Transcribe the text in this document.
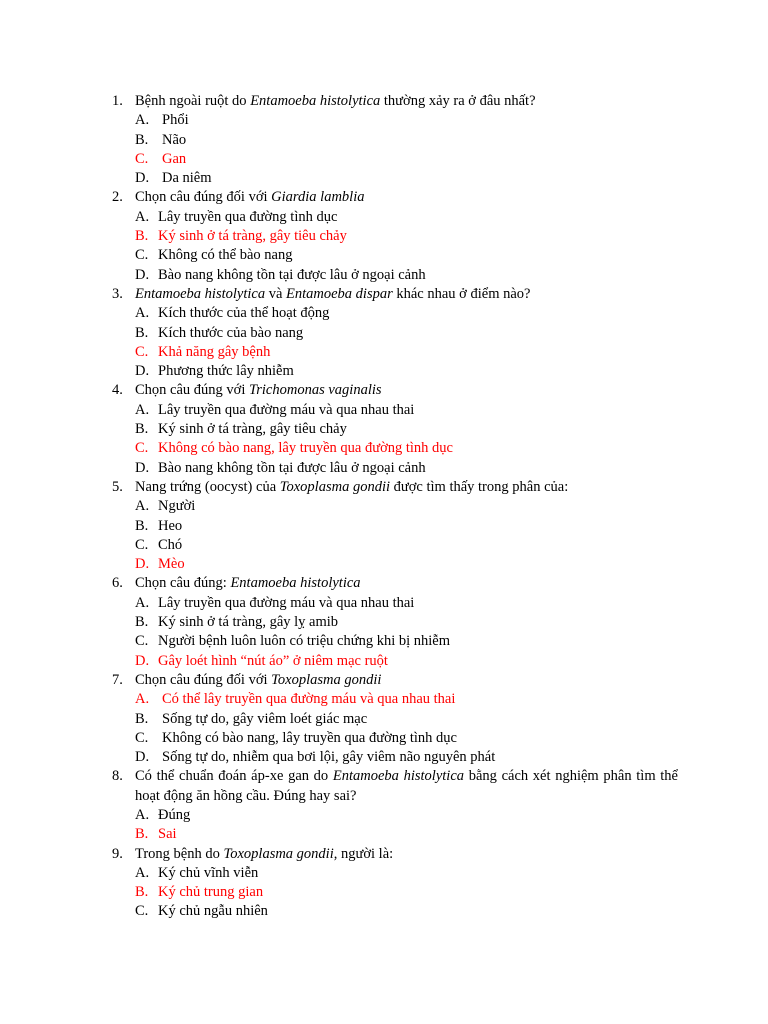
1. Bệnh ngoài ruột do Entamoeba histolytica thường xảy ra ở đâu nhất?
A. Phổi
B. Não
C. Gan
D. Da niêm
2. Chọn câu đúng đối với Giardia lamblia
A. Lây truyền qua đường tình dục
B. Ký sinh ở tá tràng, gây tiêu chảy
C. Không có thể bào nang
D. Bào nang không tồn tại được lâu ở ngoại cảnh
3. Entamoeba histolytica và Entamoeba dispar khác nhau ở điểm nào?
A. Kích thước của thể hoạt động
B. Kích thước của bào nang
C. Khả năng gây bệnh
D. Phương thức lây nhiễm
4. Chọn câu đúng với Trichomonas vaginalis
A. Lây truyền qua đường máu và qua nhau thai
B. Ký sinh ở tá tràng, gây tiêu chảy
C. Không có bào nang, lây truyền qua đường tình dục
D. Bào nang không tồn tại được lâu ở ngoại cảnh
5. Nang trứng (oocyst) của Toxoplasma gondii được tìm thấy trong phân của:
A. Người
B. Heo
C. Chó
D. Mèo
6. Chọn câu đúng: Entamoeba histolytica
A. Lây truyền qua đường máu và qua nhau thai
B. Ký sinh ở tá tràng, gây lỵ amib
C. Người bệnh luôn luôn có triệu chứng khi bị nhiễm
D. Gây loét hình “nút áo” ở niêm mạc ruột
7. Chọn câu đúng đối với Toxoplasma gondii
A. Có thể lây truyền qua đường máu và qua nhau thai
B. Sống tự do, gây viêm loét giác mạc
C. Không có bào nang, lây truyền qua đường tình dục
D. Sống tự do, nhiễm qua bơi lội, gây viêm não nguyên phát
8. Có thể chuẩn đoán áp-xe gan do Entamoeba histolytica bằng cách xét nghiệm phân tìm thể hoạt động ăn hồng cầu. Đúng hay sai?
A. Đúng
B. Sai
9. Trong bệnh do Toxoplasma gondii, người là:
A. Ký chủ vĩnh viễn
B. Ký chủ trung gian
C. Ký chủ ngẫu nhiên
